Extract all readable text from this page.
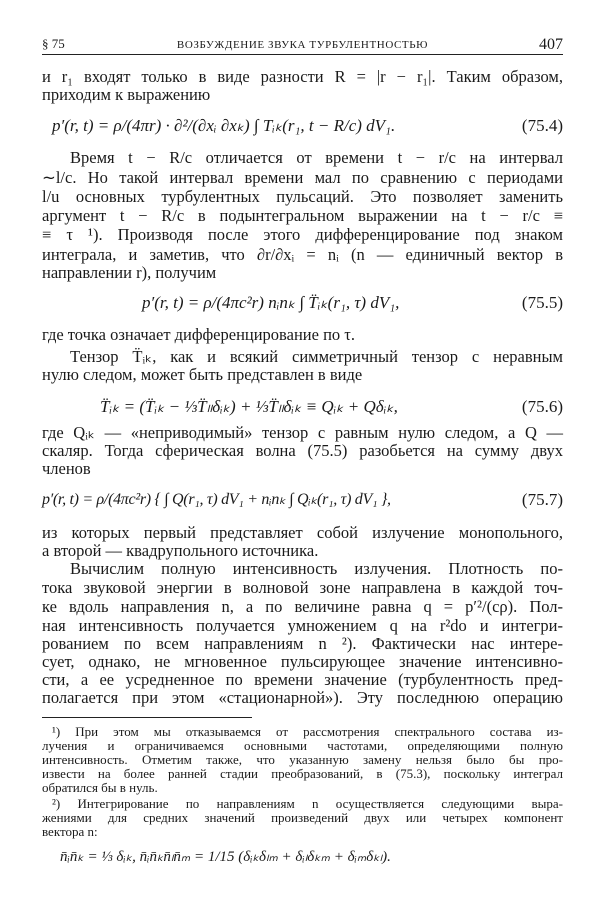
§ 75	ВОЗБУЖДЕНИЕ ЗВУКА ТУРБУЛЕНТНОСТЬЮ	407
и r₁ входят только в виде разности R = |r − r₁|. Таким образом,
приходим к выражению
p′(r, t) = ρ/(4πr) · ∂²/(∂xᵢ ∂xₖ) ∫ Tᵢₖ(r₁, t − R/c) dV₁.	(75.4)
Время t − R/c отличается от времени t − r/c на интервал
∼l/c. Но такой интервал времени мал по сравнению с периодами
l/u основных турбулентных пульсаций. Это позволяет заменить
аргумент t − R/c в подынтегральном выражении на t − r/c ≡
≡ τ ¹). Производя после этого дифференцирование под знаком
интеграла, и заметив, что ∂r/∂xᵢ = nᵢ (n — единичный вектор в
направлении r), получим
p′(r, t) = ρ/(4πc²r) nᵢnₖ ∫ T̈ᵢₖ(r₁, τ) dV₁,	(75.5)
где точка означает дифференцирование по τ.
Тензор T̈ᵢₖ, как и всякий симметричный тензор с неравным
нулю следом, может быть представлен в виде
T̈ᵢₖ = (T̈ᵢₖ − ⅓T̈ₗₗδᵢₖ) + ⅓T̈ₗₗδᵢₖ ≡ Qᵢₖ + Qδᵢₖ,	(75.6)
где Qᵢₖ — «неприводимый» тензор с равным нулю следом, а Q —
скаляр. Тогда сферическая волна (75.5) разобьется на сумму двух
членов
p′(r, t) = ρ/(4πc²r) { ∫ Q(r₁, τ) dV₁ + nᵢnₖ ∫ Qᵢₖ(r₁, τ) dV₁ },	(75.7)
из которых первый представляет собой излучение монопольного,
а второй — квадрупольного источника.
Вычислим полную интенсивность излучения. Плотность по-
тока звуковой энергии в волновой зоне направлена в каждой точ-
ке вдоль направления n, а по величине равна q = p′²/(cρ). Пол-
ная интенсивность получается умножением q на r²do и интегри-
рованием по всем направлениям n ²). Фактически нас интере-
сует, однако, не мгновенное пульсирующее значение интенсивно-
сти, а ее усредненное по времени значение (турбулентность пред-
полагается при этом «стационарной»). Эту последнюю операцию
¹) При этом мы отказываемся от рассмотрения спектрального состава из-
лучения и ограничиваемся основными частотами, определяющими полную
интенсивность. Отметим также, что указанную замену нельзя было бы про-
извести на более ранней стадии преобразований, в (75.3), поскольку интеграл
обратился бы в нуль.
²) Интегрирование по направлениям n осуществляется следующими выра-
жениями для средних значений произведений двух или четырех компонент
вектора n:
n̄ᵢn̄ₖ = ⅓ δᵢₖ, n̄ᵢn̄ₖn̄ₗn̄ₘ = 1/15 (δᵢₖδₗₘ + δᵢₗδₖₘ + δᵢₘδₖₗ).
